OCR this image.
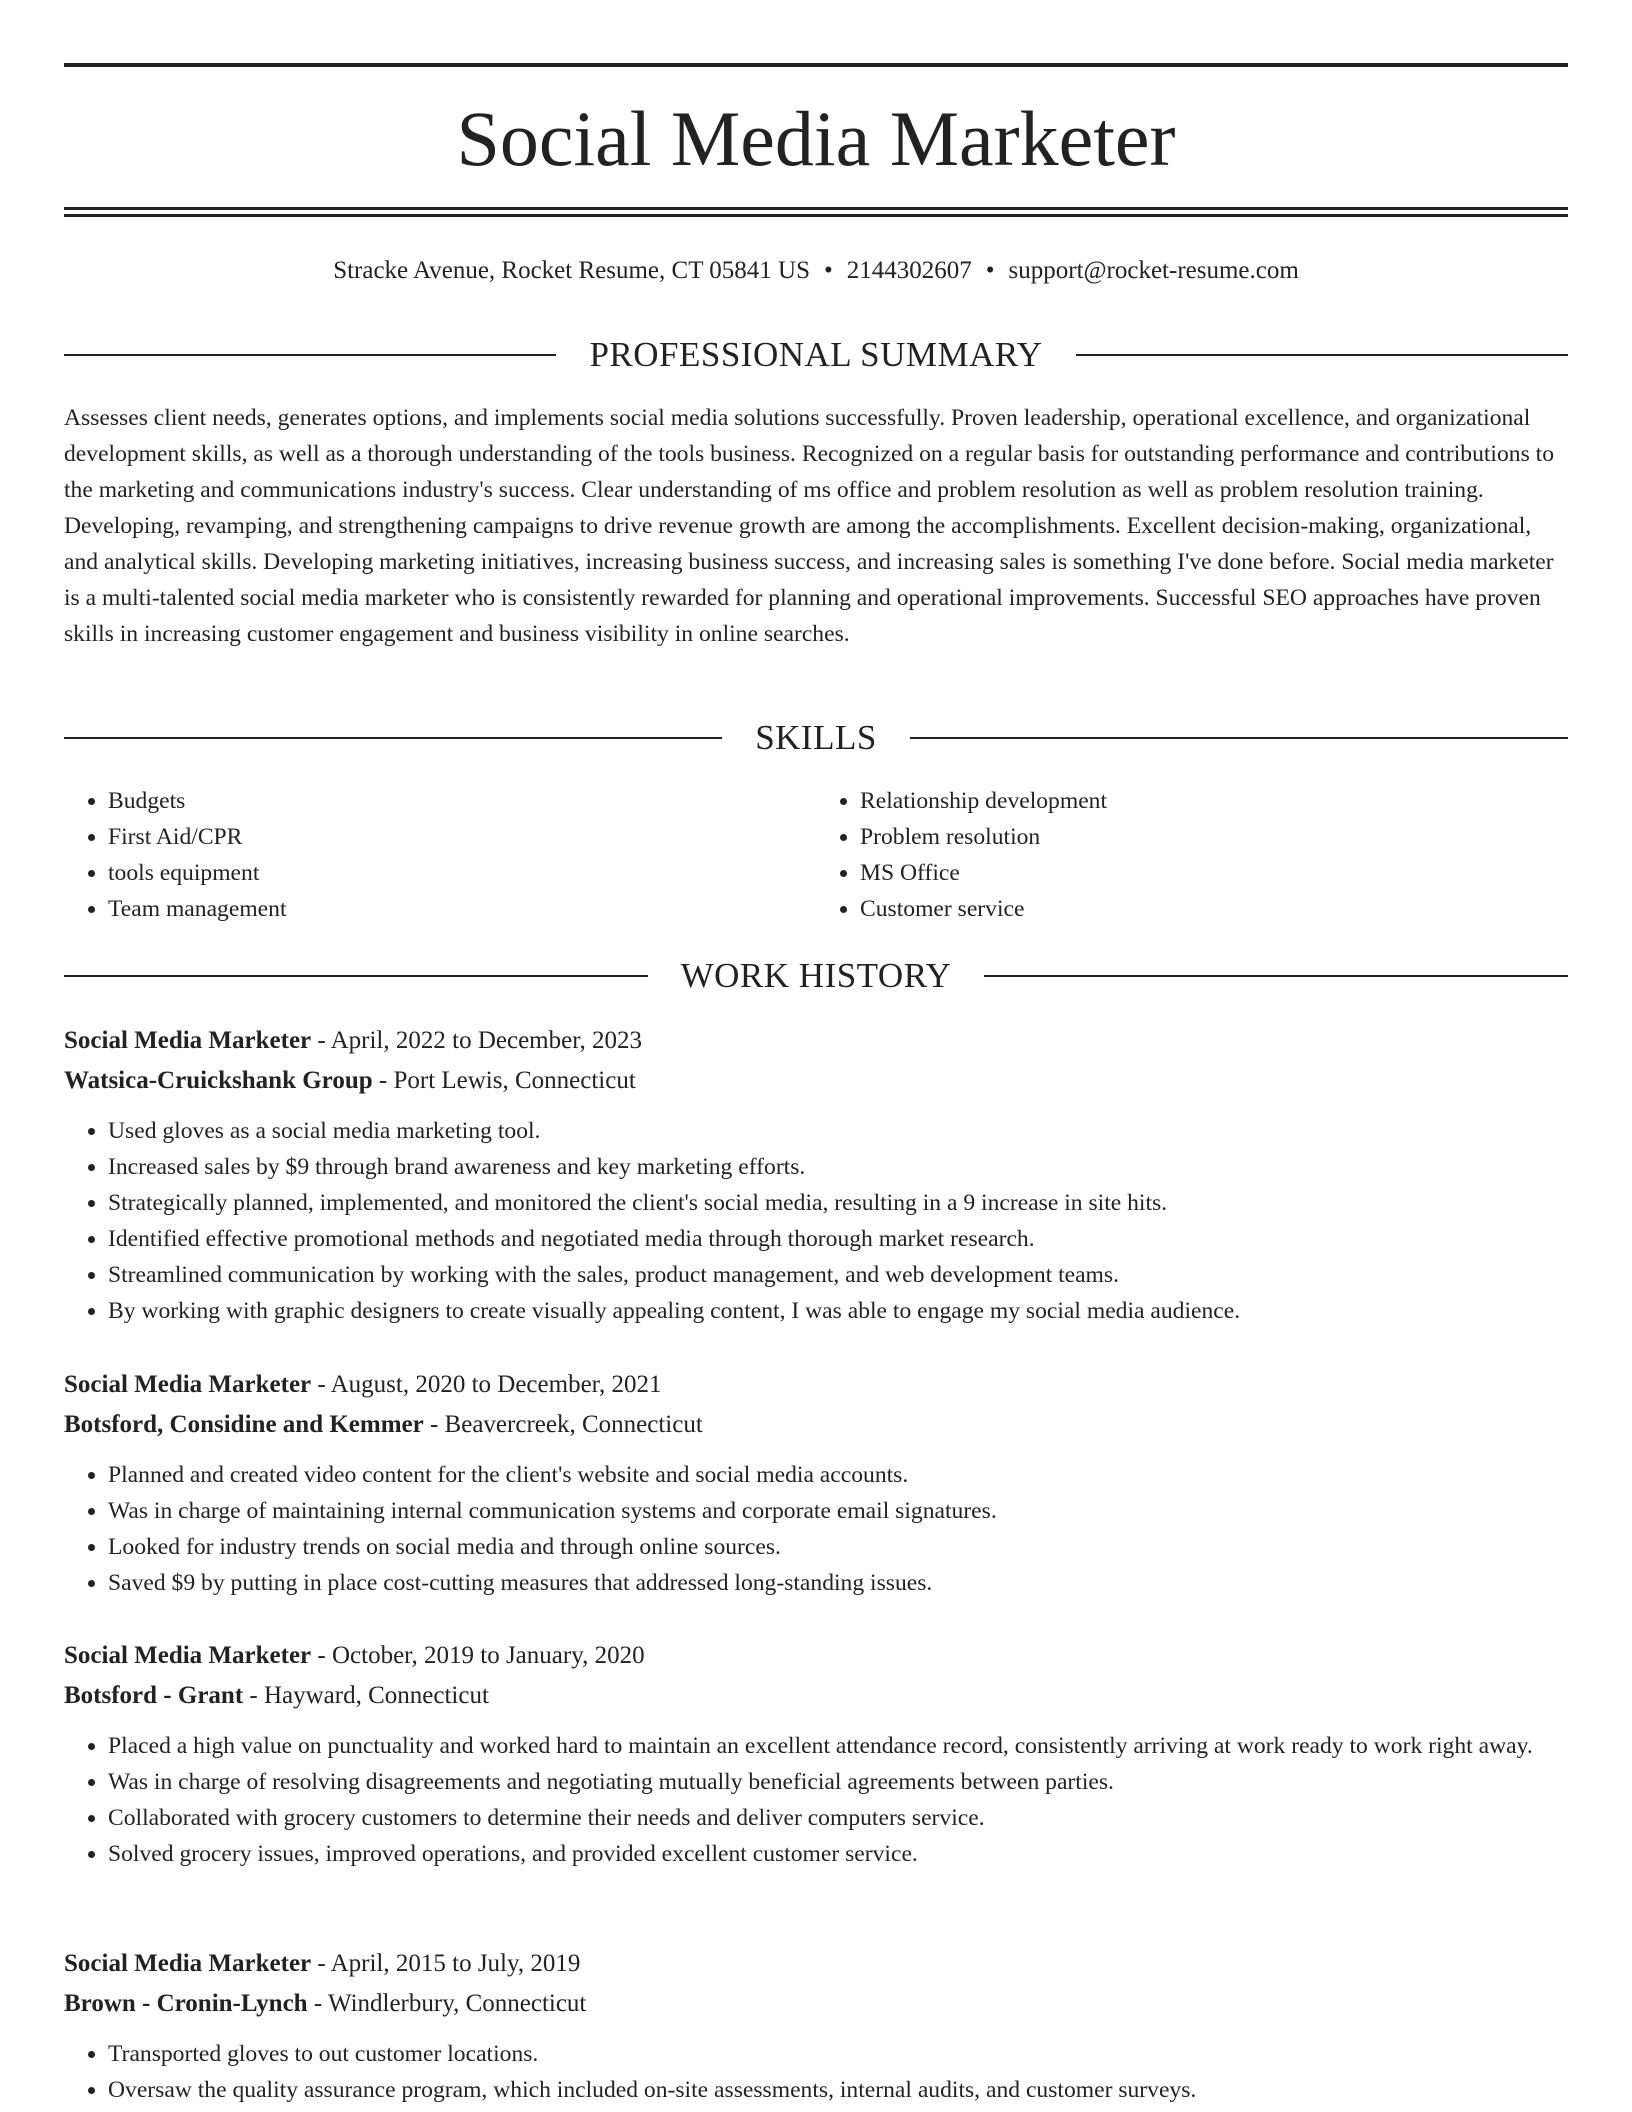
Social Media Marketer
Stracke Avenue, Rocket Resume, CT 05841 US • 2144302607 • support@rocket-resume.com
PROFESSIONAL SUMMARY

Assesses client needs, generates options, and implements social media solutions successfully. Proven leadership, operational excellence, and organizational development skills, as well as a thorough understanding of the tools business. Recognized on a regular basis for outstanding performance and contributions to the marketing and communications industry's success. Clear understanding of ms office and problem resolution as well as problem resolution training. Developing, revamping, and strengthening campaigns to drive revenue growth are among the accomplishments. Excellent decision-making, organizational, and analytical skills. Developing marketing initiatives, increasing business success, and increasing sales is something I've done before. Social media marketer is a multi-talented social media marketer who is consistently rewarded for planning and operational improvements. Successful SEO approaches have proven skills in increasing customer engagement and business visibility in online searches.

SKILLS
• Budgets
• First Aid/CPR
• tools equipment
• Team management
• Relationship development
• Problem resolution
• MS Office
• Customer service
WORK HISTORY

Social Media Marketer - April, 2022 to December, 2023

Watsica-Cruickshank Group - Port Lewis, Connecticut

• Used gloves as a social media marketing tool.
• Increased sales by $9 through brand awareness and key marketing efforts.
• Strategically planned, implemented, and monitored the client's social media, resulting in a 9 increase in site hits.
• Identified effective promotional methods and negotiated media through thorough market research.
• Streamlined communication by working with the sales, product management, and web development teams.
• By working with graphic designers to create visually appealing content, I was able to engage my social media audience.

Social Media Marketer - August, 2020 to December, 2021

Botsford, Considine and Kemmer - Beavercreek, Connecticut

• Planned and created video content for the client's website and social media accounts.
• Was in charge of maintaining internal communication systems and corporate email signatures.
• Looked for industry trends on social media and through online sources.
• Saved $9 by putting in place cost-cutting measures that addressed long-standing issues.

Social Media Marketer - October, 2019 to January, 2020

Botsford - Grant - Hayward, Connecticut

• Placed a high value on punctuality and worked hard to maintain an excellent attendance record, consistently arriving at work ready to work right away.
• Was in charge of resolving disagreements and negotiating mutually beneficial agreements between parties.
• Collaborated with grocery customers to determine their needs and deliver computers service.
• Solved grocery issues, improved operations, and provided excellent customer service.

Social Media Marketer - April, 2015 to July, 2019

Brown - Cronin-Lynch - Windlerbury, Connecticut

• Transported gloves to out customer locations.
• Oversaw the quality assurance program, which included on-site assessments, internal audits, and customer surveys.
